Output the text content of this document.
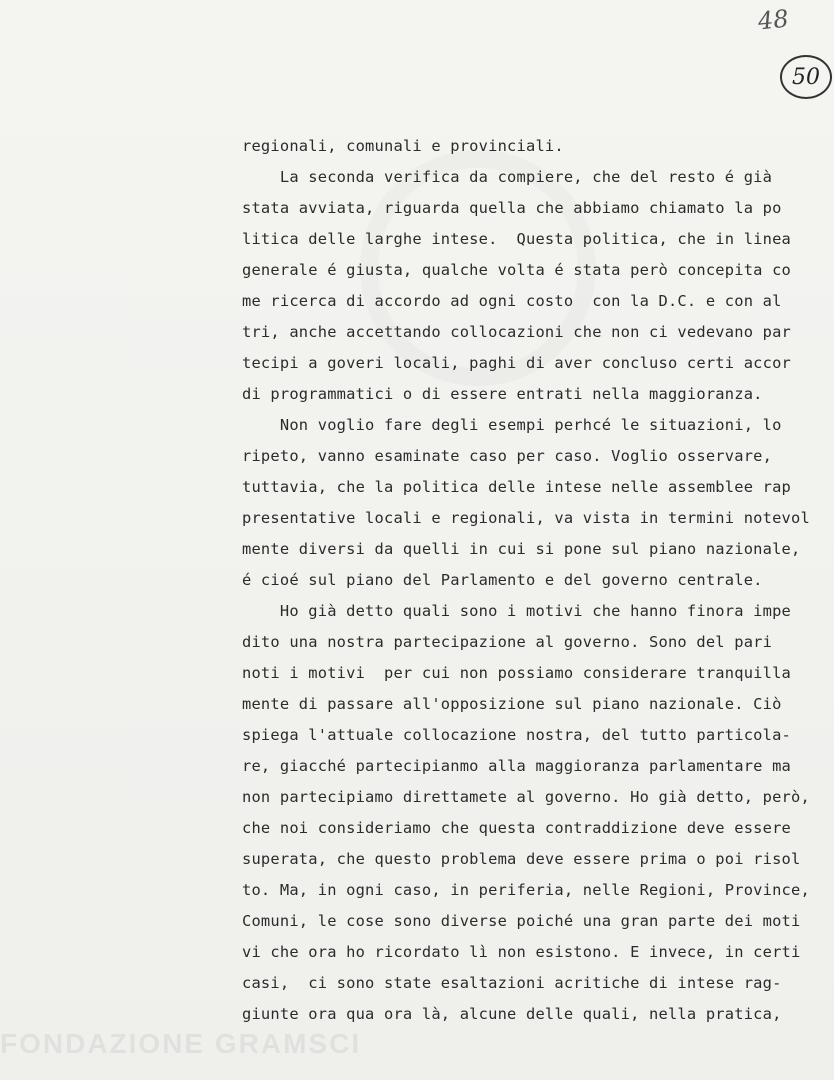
48
50
regionali, comunali e provinciali.
La seconda verifica da compiere, che del resto é già
stata avviata, riguarda quella che abbiamo chiamato la po
litica delle larghe intese.  Questa politica, che in linea
generale é giusta, qualche volta é stata però concepita co
me ricerca di accordo ad ogni costo  con la D.C. e con al
tri, anche accettando collocazioni che non ci vedevano par
tecipi a goveri locali, paghi di aver concluso certi accor
di programmatici o di essere entrati nella maggioranza.
Non voglio fare degli esempi perhcé le situazioni, lo
ripeto, vanno esaminate caso per caso. Voglio osservare,
tuttavia, che la politica delle intese nelle assemblee rap
presentative locali e regionali, va vista in termini notevol
mente diversi da quelli in cui si pone sul piano nazionale,
é cioé sul piano del Parlamento e del governo centrale.
Ho già detto quali sono i motivi che hanno finora impe
dito una nostra partecipazione al governo. Sono del pari
noti i motivi  per cui non possiamo considerare tranquilla
mente di passare all'opposizione sul piano nazionale. Ciò
spiega l'attuale collocazione nostra, del tutto particola-
re, giacché partecipianmo alla maggioranza parlamentare ma
non partecipiamo direttamete al governo. Ho già detto, però,
che noi consideriamo che questa contraddizione deve essere
superata, che questo problema deve essere prima o poi risol
to. Ma, in ogni caso, in periferia, nelle Regioni, Province,
Comuni, le cose sono diverse poiché una gran parte dei moti
vi che ora ho ricordato lì non esistono. E invece, in certi
casi,  ci sono state esaltazioni acritiche di intese rag-
giunte ora qua ora là, alcune delle quali, nella pratica,
FONDAZIONE GRAMSCI
